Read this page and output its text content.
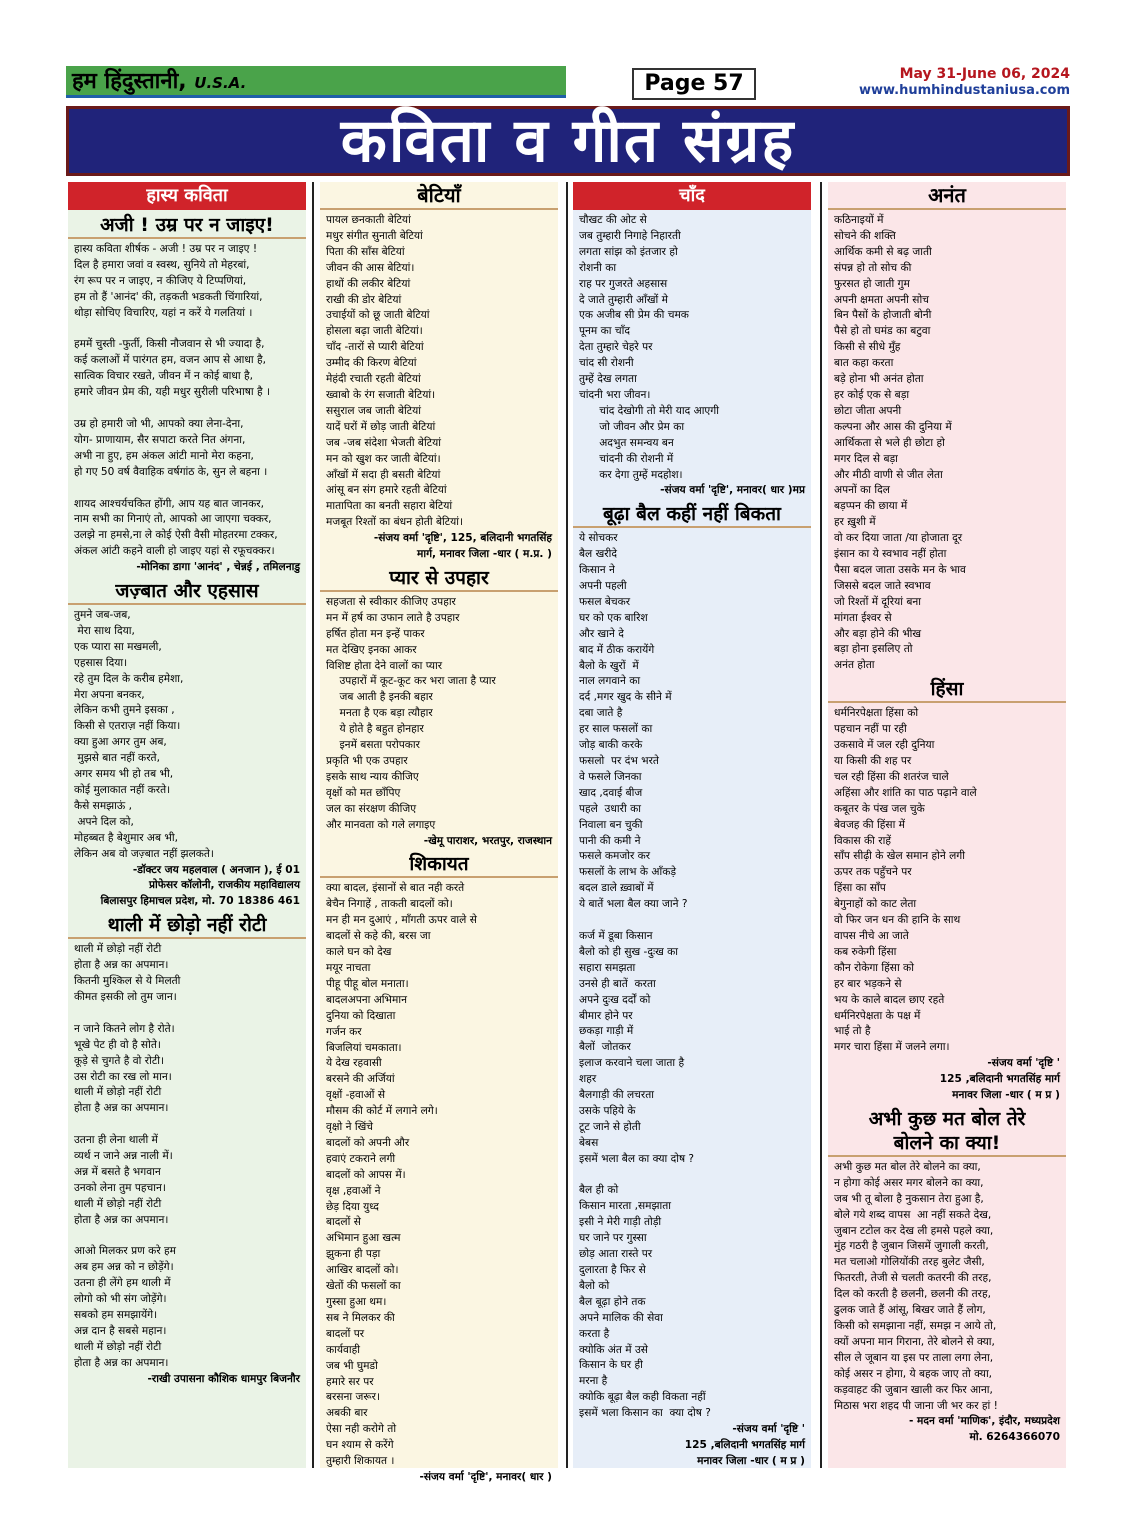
हम हिंदुस्तानी, U.S.A.	Page 57	May 31-June 06, 2024
www.humhindustaniusa.com
कविता व गीत संग्रह
हास्य कविता
अजी ! उम्र पर न जाइए!
हास्य कविता शीर्षक - अजी ! उम्र पर न जाइए !
दिल है हमारा जवां व स्वस्थ, सुनिये तो मेहरबां,
रंग रूप पर न जाइए, न कीजिए ये टिप्पणियां,
हम तो हैं 'आनंद' की, तड़कती भडकती चिंगारियां,
थोड़ा सोचिए विचारिए, यहां न करें ये गलतियां ।

हममें चुस्ती -फुर्ती, किसी नौजवान से भी ज्यादा है,
कई कलाओं में पारंगत हम, वजन आप से आधा है,
सात्विक विचार रखते, जीवन में न कोई बाधा है,
हमारे जीवन प्रेम की, यही मधुर सुरीली परिभाषा है ।

उम्र हो हमारी जो भी, आपको क्या लेना-देना,
योग- प्राणायाम, सैर सपाटा करते नित अंगना,
अभी ना हुए, हम अंकल आंटी मानो मेरा कहना,
हो गए 50 वर्ष वैवाहिक वर्षगांठ के, सुन ले बहना ।

शायद आश्चर्यचकित होंगी, आप यह बात जानकर,
नाम सभी का गिनाएं तो, आपको आ जाएगा चक्कर,
उलझे ना हमसे,ना ले कोई ऐसी वैसी मोहतरमा टक्कर,
अंकल आंटी कहने वाली हो जाइए यहां से रफूचक्कर।
-मोनिका डागा 'आनंद' , चेन्नई , तमिलनाडु
जज़्बात और एहसास
तुमने जब-जब,
मेरा साथ दिया,
एक प्यारा सा मखमली,
एहसास दिया।
रहे तुम दिल के करीब हमेशा,
मेरा अपना बनकर,
लेकिन कभी तुमने इसका ,
किसी से एतराज़ नहीं किया।
क्या हुआ अगर तुम अब,
मुझसे बात नहीं करते,
अगर समय भी हो तब भी,
कोई मुलाकात नहीं करते।
कैसे समझाऊं ,
अपने दिल को,
मोहब्बत है बेशुमार अब भी,
लेकिन अब वो जज़्बात नहीं झलकते।
-डॉक्टर जय महलवाल ( अनजान ), ई 01
प्रोफेसर कॉलोनी, राजकीय महाविद्यालय
बिलासपुर हिमाचल प्रदेश, मो. 70 18386 461
थाली में छोड़ो नहीं रोटी
थाली में छोड़ो नहीं रोटी
होता है अन्न का अपमान।
कितनी मुश्किल से ये मिलती
कीमत इसकी लो तुम जान।

न जाने कितने लोग है रोते।
भूखे पेट ही वो है सोते।
कूड़े से चुगते है वो रोटी।
उस रोटी का रख लो मान।
थाली में छोड़ो नहीं रोटी
होता है अन्न का अपमान।

उतना ही लेना थाली में
व्यर्थ न जाने अन्न नाली में।
अन्न में बसते है भगवान
उनको लेना तुम पहचान।
थाली में छोड़ो नहीं रोटी
होता है अन्न का अपमान।

आओ मिलकर प्रण करे हम
अब हम अन्न को न छोड़ेंगे।
उतना ही लेंगे हम थाली में
लोगो को भी संग जोड़ेंगे।
सबको हम समझायेंगे।
अन्न दान है सबसे महान।
थाली में छोड़ो नहीं रोटी
होता है अन्न का अपमान।
-राखी उपासना कौशिक धामपुर बिजनौर
बेटियाँ
पायल छनकाती बेटियां
मधुर संगीत सुनाती बेटियां
पिता की साँस बेटियां
जीवन की आस बेटियां।
हाथों की लकीर बेटियां
राखी की डोर बेटियां
उचाईयों को छू जाती बेटियां
होसला बढ़ा जाती बेटियां।
चाँद -तारों से प्यारी बेटियां
उम्मीद की किरण बेटियां
मेहंदी रचाती रहती बेटियां
ख्वाबो के रंग सजाती बेटियां।
ससुराल जब जाती बेटियां
यादें घरों में छोड़ जाती बेटियां
जब -जब संदेशा भेजती बेटियां
मन को खुश कर जाती बेटियां।
आँखों में सदा ही बसती बेटियां
आंसू बन संग हमारे रहती बेटियां
मातापिता का बनती सहारा बेटियां
मजबूत रिश्तों का बंधन होती बेटियां।
-संजय वर्मा 'दृष्टि', 125, बलिदानी भगतसिंह
मार्ग, मनावर जिला -धार ( म.प्र. )
प्यार से उपहार
सहजता से स्वीकार कीजिए उपहार
मन में हर्ष का उफान लाते है उपहार
हर्षित होता मन इन्हें पाकर
मत देखिए इनका आकर
विशिष्ट होता देने वालों का प्यार
उपहारों में कूट-कूट कर भरा जाता है प्यार
जब आती है इनकी बहार
मनता है एक बड़ा त्यौहार
ये होते है बहुत होनहार
इनमें बसता परोपकार
प्रकृति भी एक उपहार
इसके साथ न्याय कीजिए
वृक्षों को मत छाँपिए
जल का संरक्षण कीजिए
और मानवता को गले लगाइए
-खेमू पाराशर, भरतपुर, राजस्थान
शिकायत
क्या बादल, इंसानों से बात नही करते
बेचैन निगाहें , ताकती बादलों को।
मन ही मन दुआएं , माँगती ऊपर वाले से
बादलों से कहे की, बरस जा
काले घन को देख
मयूर नाचता
पीहू पीहू बोल मनाता।
बादलअपना अभिमान
दुनिया को दिखाता
गर्जन कर
बिजलियां चमकाता।
ये देख रहवासी
बरसने की अर्जियां
वृक्षों -हवाओं से
मौसम की कोर्ट में लगाने लगे।
वृक्षो ने खिंचे
बादलों को अपनी और
हवाएं टकराने लगी
बादलों को आपस में।
वृक्ष ,हवाओं ने
छेड़ दिया युध्द
बादलों से
अभिमान हुआ खत्म
झुकना ही पड़ा
आखिर बादलों को।
खेतों की फसलों का
गुस्सा हुआ थम।
सब ने मिलकर की
बादलों पर
कार्यवाही
जब भी घुमडो
हमारे सर पर
बरसना जरूर।
अबकी बार
ऐसा नही करोगे तो
घन श्याम से करेंगे
तुम्हारी शिकायत ।
-संजय वर्मा 'दृष्टि', मनावर( धार )
चाँद
चौखट की ओट से
जब तुम्हारी निगाहे निहारती
लगता सांझ को इंतजार हो
रोशनी का
राह पर गुजरते अहसास
दे जाते तुम्हारी आँखों मे
एक अजीब सी प्रेम की चमक
पूनम का चाँद
देता तुम्हारे चेहरे पर
चांद सी रोशनी
तुम्हें देख लगता
चांदनी भरा जीवन।
चांद देखोगी तो मेरी याद आएगी
जो जीवन और प्रेम का
अदभुत समन्वय बन
चांदनी की रोशनी में
कर देगा तुम्हें मदहोश।
-संजय वर्मा 'दृष्टि', मनावर( धार )मप्र
बूढ़ा बैल कहीं नहीं बिकता
ये सोचकर
बैल खरीदे
किसान ने
अपनी पहली
फसल बेचकर
घर को एक बारिश
और खाने दे
बाद में ठीक करायेंगे
बैलो के खुरों  में
नाल लगवाने का
दर्द ,मगर खुद के सीने में
दबा जाते है
हर साल फसलों का
जोड़ बाकी करके
फसलो  पर दंभ भरते
वे फसले जिनका
खाद ,दवाई बीज
पहले  उधारी का
निवाला बन चुकी
पानी की कमी ने
फसले कमजोर कर
फसलों के लाभ के आँकड़े
बदल डाले ख़्वाबों में
ये बातें भला बैल क्या जाने ?

कर्ज में डूबा किसान
बैलो को ही सुख -दुःख का
सहारा समझता
उनसे ही बातें  करता
अपने दुःख दर्दों को
बीमार होने पर
छकड़ा गाड़ी में
बैलों  जोतकर
इलाज करवाने चला जाता है
शहर
बैलगाड़ी की लचरता
उसके पहिये के
टूट जाने से होती
बेबस
इसमें भला बैल का क्या दोष ?

बैल ही को
किसान मारता ,समझाता
इसी ने मेरी गाड़ी तोड़ी
घर जाने पर गुस्सा
छोड़ आता रास्ते पर
दुलारता है फिर से
बैलो को
बैल बूढ़ा होने तक
अपने मालिक की सेवा
करता है
क्योकि अंत में उसे
किसान के घर ही
मरना है
क्योकि बूढ़ा बैल कही विकता नहीं
इसमें भला किसान का  क्या दोष ?
-संजय वर्मा 'दृष्टि '
125 ,बलिदानी भगतसिंह मार्ग
मनावर जिला -धार ( म प्र )
अनंत
कठिनाइयों में
सोचने की शक्ति
आर्थिक कमी से बढ़ जाती
संपन्न हो तो सोच की
फुरसत हो जाती गुम
अपनी क्षमता अपनी सोच
बिन पैसों के होजाती बोनी
पैसे हो तो घमंड का बटुवा
किसी से सीधे मुँह
बात कहा करता
बड़े होना भी अनंत होता
हर कोई एक से बड़ा
छोटा जीता अपनी
कल्पना और आस की दुनिया में
आर्थिकता से भले ही छोटा हो
मगर दिल से बड़ा
और मीठी वाणी से जीत लेता
अपनों का दिल
बड़प्पन की छाया में
हर ख़ुशी में
वो कर दिया जाता /या होजाता दूर
इंसान का ये स्वभाव नहीं होता
पैसा बदल जाता उसके मन के भाव
जिससे बदल जाते स्वभाव
जो रिश्तों में दूरियां बना
मांगता ईश्वर से
और बड़ा होने की भीख
बड़ा होना इसलिए तो
अनंत होता
हिंसा
धर्मनिरपेक्षता हिंसा को
पहचान नहीं पा रही
उकसावे में जल रही दुनिया
या किसी की शह पर
चल रही हिंसा की शतरंज चाले
अहिंसा और शांति का पाठ पढ़ाने वाले
कबूतर के पंख जल चुके
बेवजह की हिंसा में
विकास की राहें
साँप सीढ़ी के खेल समान होने लगी
ऊपर तक पहुँचने पर
हिंसा का साँप
बेगुनाहों को काट लेता
वो फिर जन धन की हानि के साथ
वापस नीचे आ जाते
कब रुकेगी हिंसा
कौन रोकेगा हिंसा को
हर बार भड़कने से
भय के काले बादल छाए रहते
धर्मनिरपेक्षता के पक्ष में
भाई तो है
मगर चारा हिंसा में जलने लगा।
-संजय वर्मा 'दृष्टि '
125 ,बलिदानी भगतसिंह मार्ग
मनावर जिला -धार ( म प्र )
अभी कुछ मत बोल तेरे
बोलने का क्या!
अभी कुछ मत बोल तेरे बोलने का क्या,
न होगा कोई असर मगर बोलने का क्या,
जब भी तू बोला है नुकसान तेरा हुआ है,
बोले गये शब्द वापस  आ नहीं सकते देख,
जुबान टटोल कर देख ली हमसे पहले क्या,
मुंह गठरी है जुबान जिसमें जुगाली करती,
मत चलाओ गोलियोंकी तरह बुलेट जैसी,
फितरती, तेजी से चलती कतरनी की तरह,
दिल को करती है छलनी, छलनी की तरह,
ढुलक जाते हैं आंसू, बिखर जाते हैं लोग,
किसी को समझाना नहीं, समझ न आये तो,
क्यों अपना मान गिराना, तेरे बोलने से क्या,
सील ले जूबान या इस पर ताला लगा लेना,
कोई असर न होगा, ये बहक जाए तो क्या,
कड़वाहट की जुबान खाली कर फिर आना,
मिठास भरा शहद पी जाना जी भर कर हां !
- मदन वर्मा 'माणिक', इंदौर, मध्यप्रदेश
मो. 6264366070
